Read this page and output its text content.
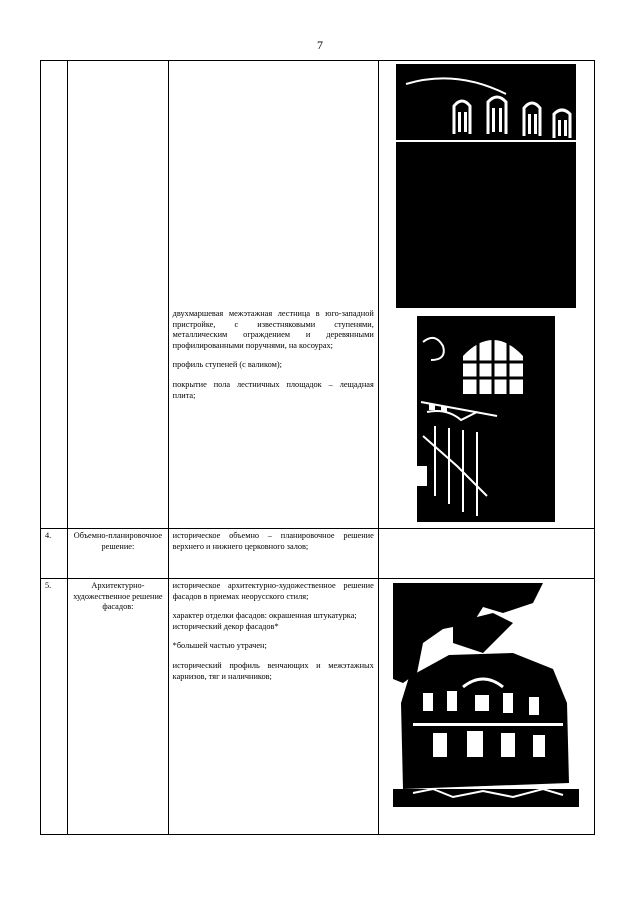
7

		двухмаршевая межэтажная лестница в юго-западной пристройке, с известняковыми ступенями, металлическим ограждением и деревянными профилированными поручнями, на косоурах;

профиль ступеней (с валиком);

покрытие пола лестничных площадок – лещадная плита;

4.	Объемно-планировочное решение:	историческое объемно – планировочное решение верхнего и нижнего церковного залов;	

5.	Архитектурно-художественное решение фасадов:	историческое архитектурно-художественное решение фасадов в приемах неорусского стиля;

характер отделки фасадов: окрашенная штукатурка;

исторический декор фасадов*

*большей частью утрачен;

исторический профиль венчающих и межэтажных карнизов, тяг и наличников;
